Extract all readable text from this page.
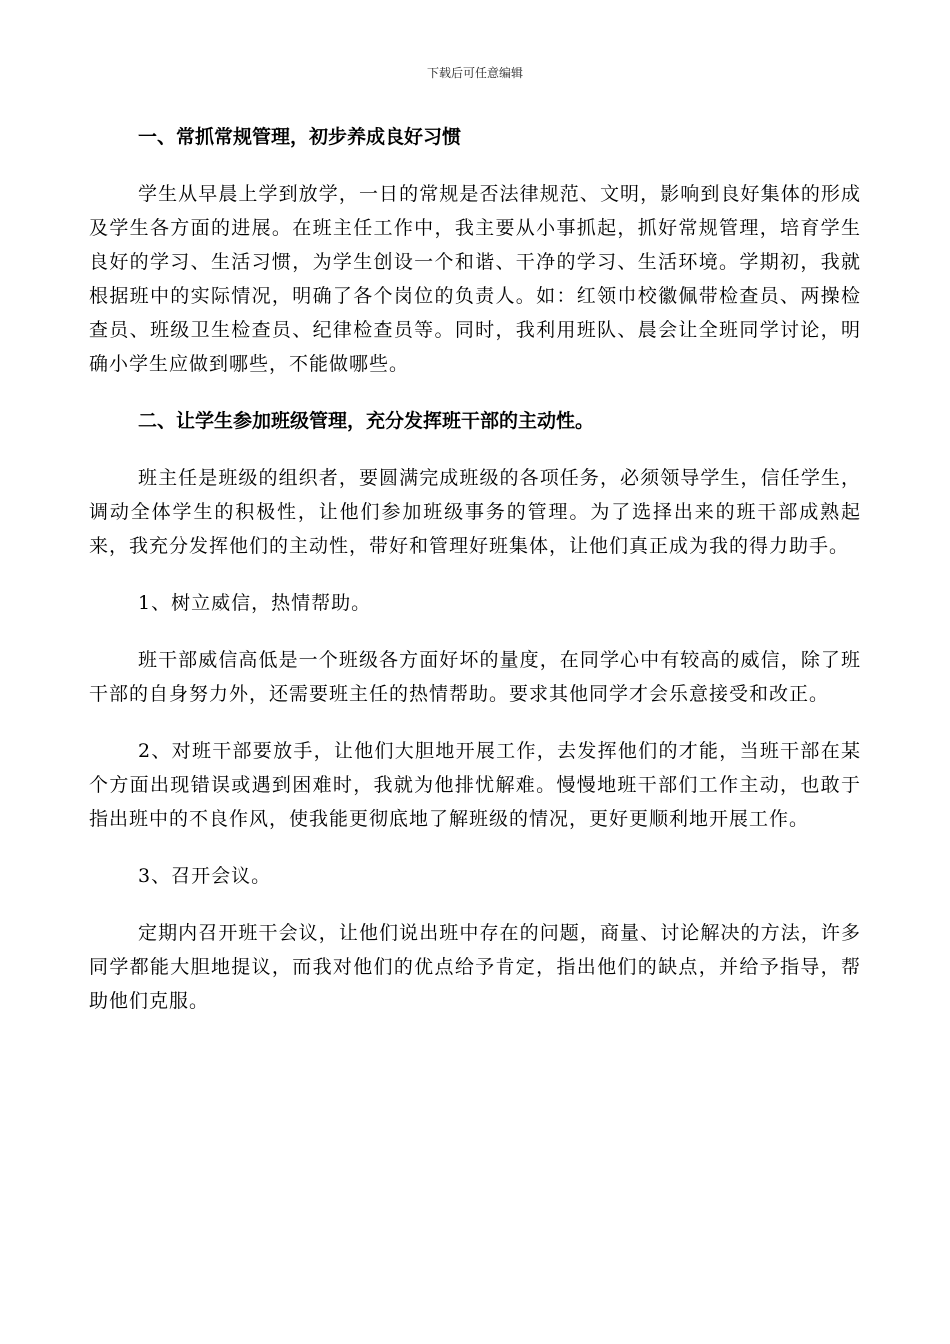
下载后可任意编辑
一、常抓常规管理，初步养成良好习惯

学生从早晨上学到放学，一日的常规是否法律规范、文明，影响到良好集体的形成及学生各方面的进展。在班主任工作中，我主要从小事抓起，抓好常规管理，培育学生良好的学习、生活习惯，为学生创设一个和谐、干净的学习、生活环境。学期初，我就根据班中的实际情况，明确了各个岗位的负责人。如：红领巾校徽佩带检查员、两操检查员、班级卫生检查员、纪律检查员等。同时，我利用班队、晨会让全班同学讨论，明确小学生应做到哪些，不能做哪些。

二、让学生参加班级管理，充分发挥班干部的主动性。

班主任是班级的组织者，要圆满完成班级的各项任务，必须领导学生，信任学生，调动全体学生的积极性，让他们参加班级事务的管理。为了选择出来的班干部成熟起来，我充分发挥他们的主动性，带好和管理好班集体，让他们真正成为我的得力助手。

1、树立威信，热情帮助。

班干部威信高低是一个班级各方面好坏的量度，在同学心中有较高的威信，除了班干部的自身努力外，还需要班主任的热情帮助。要求其他同学才会乐意接受和改正。

2、对班干部要放手，让他们大胆地开展工作，去发挥他们的才能，当班干部在某个方面出现错误或遇到困难时，我就为他排忧解难。慢慢地班干部们工作主动，也敢于指出班中的不良作风，使我能更彻底地了解班级的情况，更好更顺利地开展工作。

3、召开会议。

定期内召开班干会议，让他们说出班中存在的问题，商量、讨论解决的方法，许多同学都能大胆地提议，而我对他们的优点给予肯定，指出他们的缺点，并给予指导，帮助他们克服。
